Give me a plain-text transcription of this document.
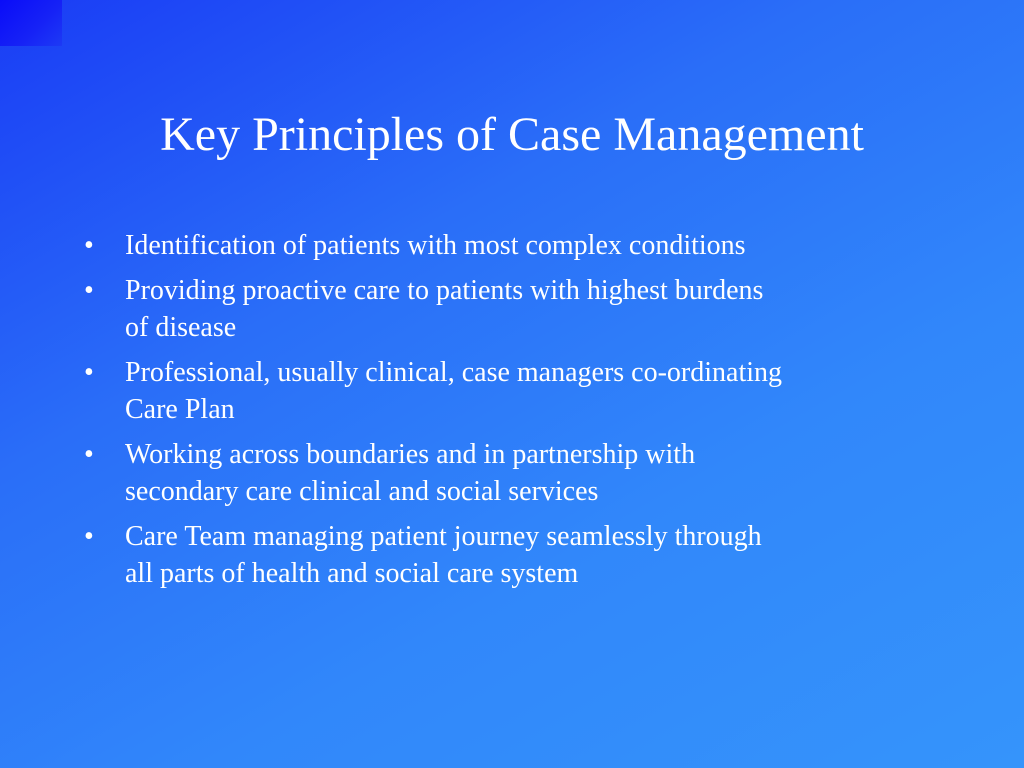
Key Principles of Case Management
•	Identification of patients with most complex conditions
•	Providing proactive care to patients with highest burdens
of disease
•	Professional, usually clinical, case managers co-ordinating
Care Plan
•	Working across boundaries and in partnership with
secondary care clinical and social services
•	Care Team managing patient journey seamlessly through
all parts of health and social care system
